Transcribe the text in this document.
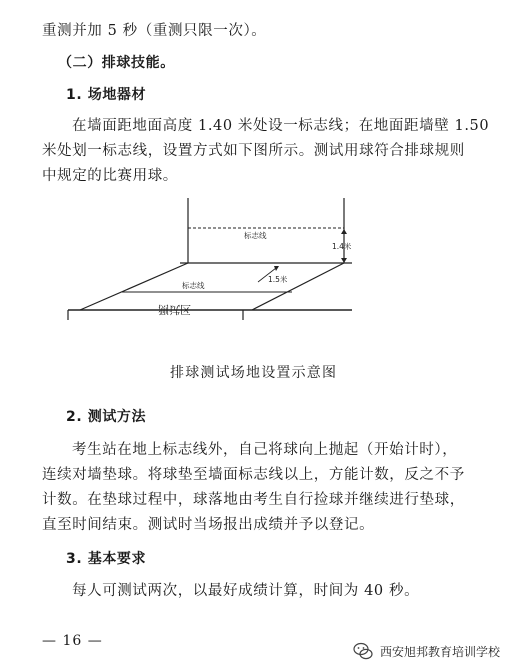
重测并加 5 秒（重测只限一次）。
（二）排球技能。
1. 场地器材
在墙面距地面高度 1.40 米处设一标志线；在地面距墙壁 1.50
米处划一标志线，设置方式如下图所示。测试用球符合排球规则
中规定的比赛用球。
标志线
1.4米
标志线
1.5米
测试区
排球测试场地设置示意图
2. 测试方法
考生站在地上标志线外，自己将球向上抛起（开始计时），
连续对墙垫球。将球垫至墙面标志线以上，方能计数，反之不予
计数。在垫球过程中，球落地由考生自行捡球并继续进行垫球，
直至时间结束。测试时当场报出成绩并予以登记。
3. 基本要求
每人可测试两次，以最好成绩计算，时间为 40 秒。
— 16 —
西安旭邦教育培训学校
